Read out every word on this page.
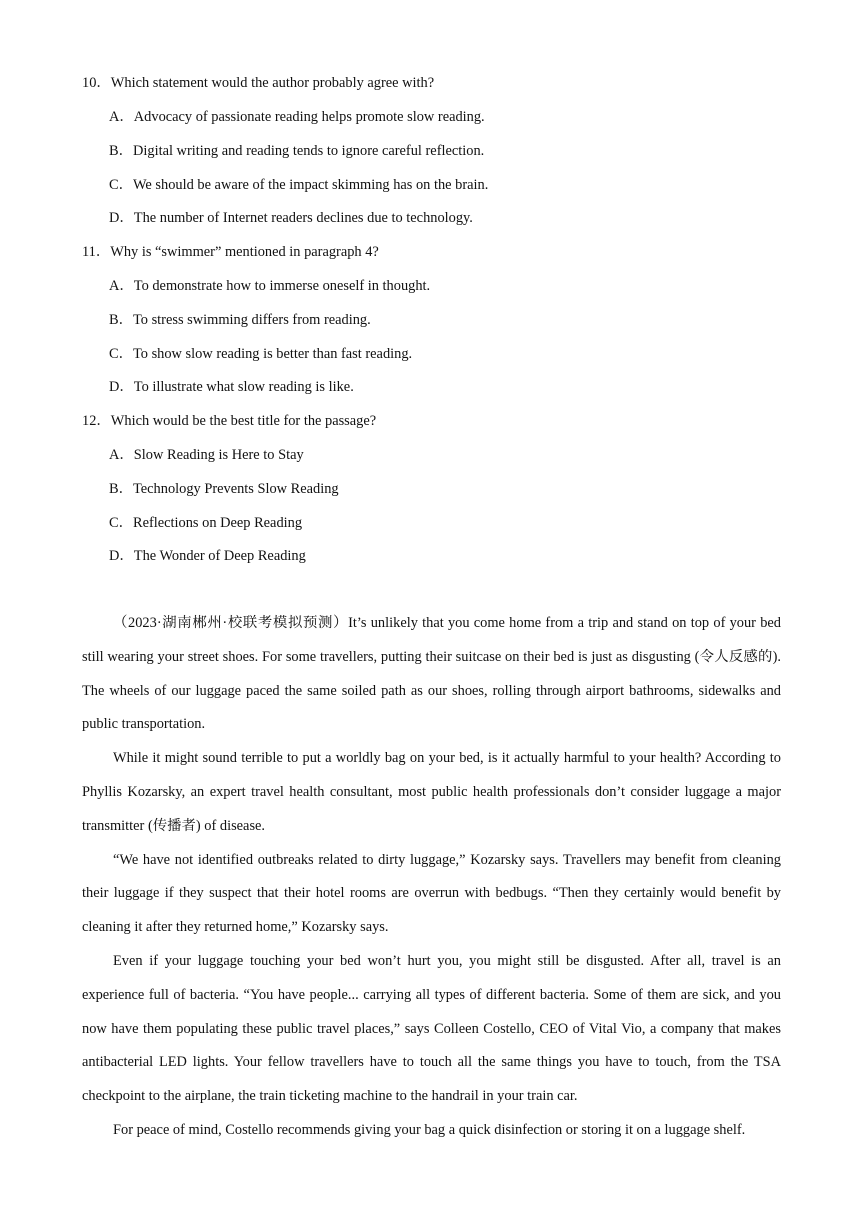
10．Which statement would the author probably agree with?
A．Advocacy of passionate reading helps promote slow reading.
B．Digital writing and reading tends to ignore careful reflection.
C．We should be aware of the impact skimming has on the brain.
D．The number of Internet readers declines due to technology.
11．Why is “swimmer” mentioned in paragraph 4?
A．To demonstrate how to immerse oneself in thought.
B．To stress swimming differs from reading.
C．To show slow reading is better than fast reading.
D．To illustrate what slow reading is like.
12．Which would be the best title for the passage?
A．Slow Reading is Here to Stay
B．Technology Prevents Slow Reading
C．Reflections on Deep Reading
D．The Wonder of Deep Reading

（2023·湖南郴州·校联考模拟预测）It’s unlikely that you come home from a trip and stand on top of your bed still wearing your street shoes. For some travellers, putting their suitcase on their bed is just as disgusting (令人反感的). The wheels of our luggage paced the same soiled path as our shoes, rolling through airport bathrooms, sidewalks and public transportation.

While it might sound terrible to put a worldly bag on your bed, is it actually harmful to your health? According to Phyllis Kozarsky, an expert travel health consultant, most public health professionals don’t consider luggage a major transmitter (传播者) of disease.

“We have not identified outbreaks related to dirty luggage,” Kozarsky says. Travellers may benefit from cleaning their luggage if they suspect that their hotel rooms are overrun with bedbugs. “Then they certainly would benefit by cleaning it after they returned home,” Kozarsky says.

Even if your luggage touching your bed won’t hurt you, you might still be disgusted. After all, travel is an experience full of bacteria. “You have people... carrying all types of different bacteria. Some of them are sick, and you now have them populating these public travel places,” says Colleen Costello, CEO of Vital Vio, a company that makes antibacterial LED lights. Your fellow travellers have to touch all the same things you have to touch, from the TSA checkpoint to the airplane, the train ticketing machine to the handrail in your train car.

For peace of mind, Costello recommends giving your bag a quick disinfection or storing it on a luggage shelf.
